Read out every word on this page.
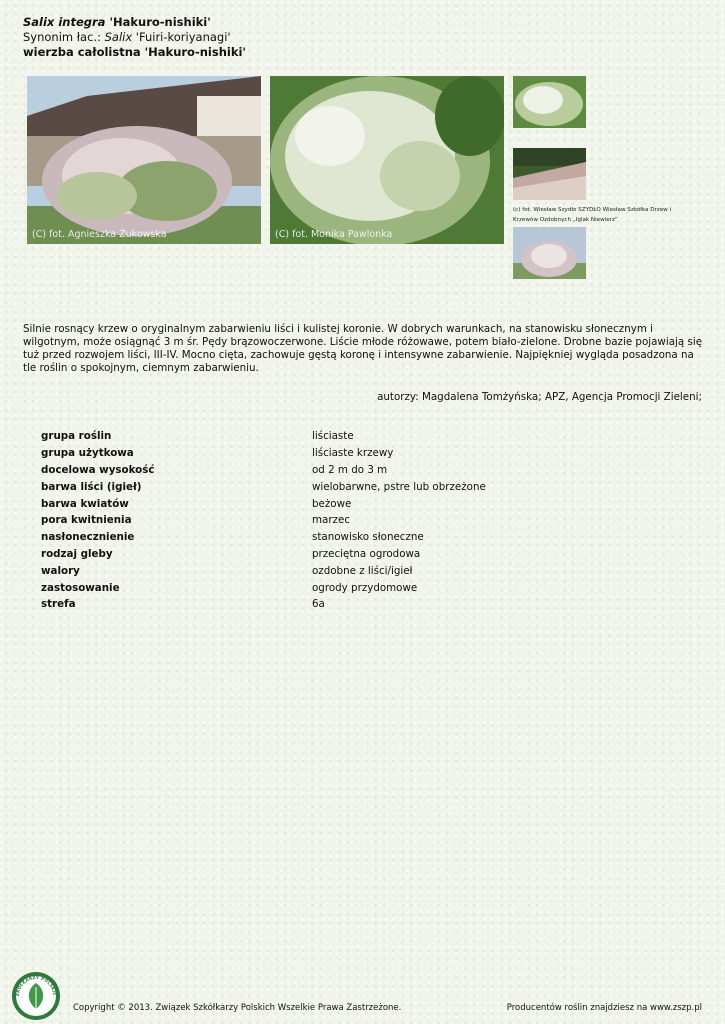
Salix integra 'Hakuro-nishiki'
Synonim łac.: Salix 'Fuiri-koriyanagi'
wierzba całolistna 'Hakuro-nishiki'
(C) fot. Agnieszka Żukowska	(C) fot. Monika Pawlonka
(c) fot. Wiesław Szydło SZYDŁO Wiesław Szkółka Drzew i Krzewów Ozdobnych „Iglak Niewierz”
Silnie rosnący krzew o oryginalnym zabarwieniu liści i kulistej koronie. W dobrych warunkach, na stanowisku słonecznym i wilgotnym, może osiągnąć 3 m śr. Pędy brązowoczerwone. Liście młode różowawe, potem biało-zielone. Drobne bazie pojawiają się tuż przed rozwojem liści, III-IV. Mocno cięta, zachowuje gęstą koronę i intensywne zabarwienie. Najpiękniej wygląda posadzona na tle roślin o spokojnym, ciemnym zabarwieniu.
autorzy: Magdalena Tomżyńska; APZ, Agencja Promocji Zieleni;
grupa roślin	liściaste
grupa użytkowa	liściaste krzewy
docelowa wysokość	od 2 m do 3 m
barwa liści (igieł)	wielobarwne, pstre lub obrzeżone
barwa kwiatów	beżowe
pora kwitnienia	marzec
nasłonecznienie	stanowisko słoneczne
rodzaj gleby	przeciętna ogrodowa
walory	ozdobne z liści/igieł
zastosowanie	ogrody przydomowe
strefa	6a
ZKÓŁKARZY POLSKIC
Copyright © 2013. Związek Szkółkarzy Polskich Wszelkie Prawa Zastrzeżone.	Producentów roślin znajdziesz na www.zszp.pl
